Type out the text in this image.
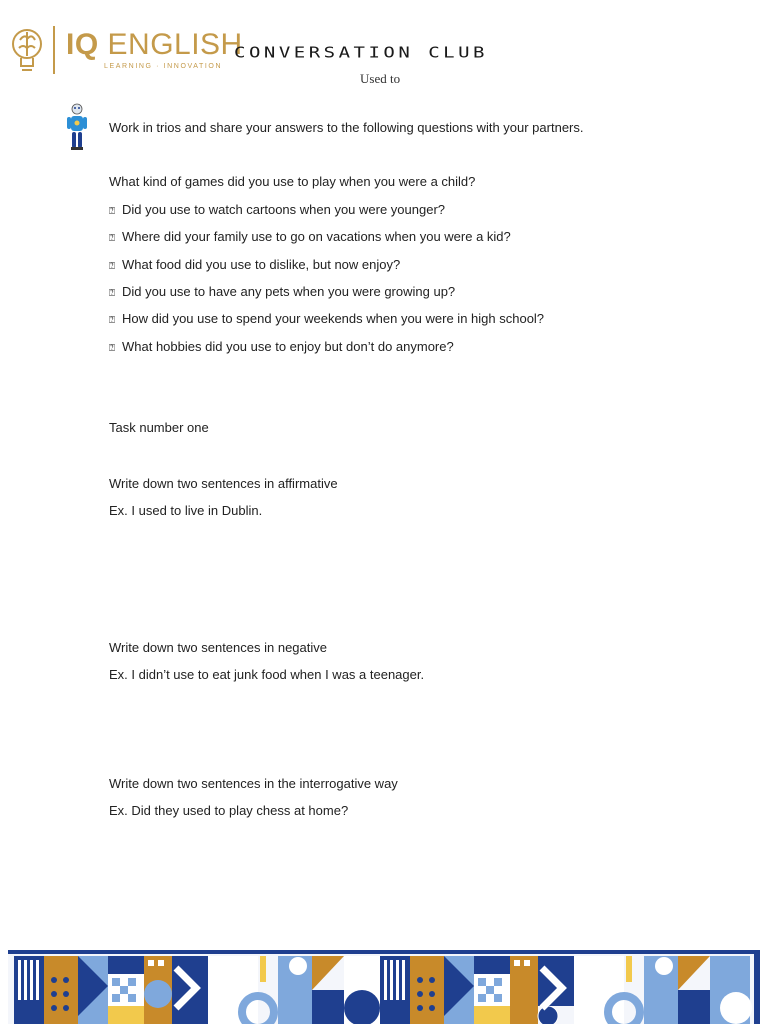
IQ ENGLISH
LEARNING · INNOVATION
CONVERSATION CLUB
Used to
Work in trios and share your answers to the following questions with your partners.
What kind of games did you use to play when you were a child?
⍰ Did you use to watch cartoons when you were younger?
⍰ Where did your family use to go on vacations when you were a kid?
⍰ What food did you use to dislike, but now enjoy?
⍰ Did you use to have any pets when you were growing up?
⍰ How did you use to spend your weekends when you were in high school?
⍰ What hobbies did you use to enjoy but don’t do anymore?
Task number one
Write down two sentences in affirmative
Ex. I used to live in Dublin.
Write down two sentences in negative
Ex. I didn’t use to eat junk food when I was a teenager.
Write down two sentences in the interrogative way
Ex. Did they used to play chess at home?
